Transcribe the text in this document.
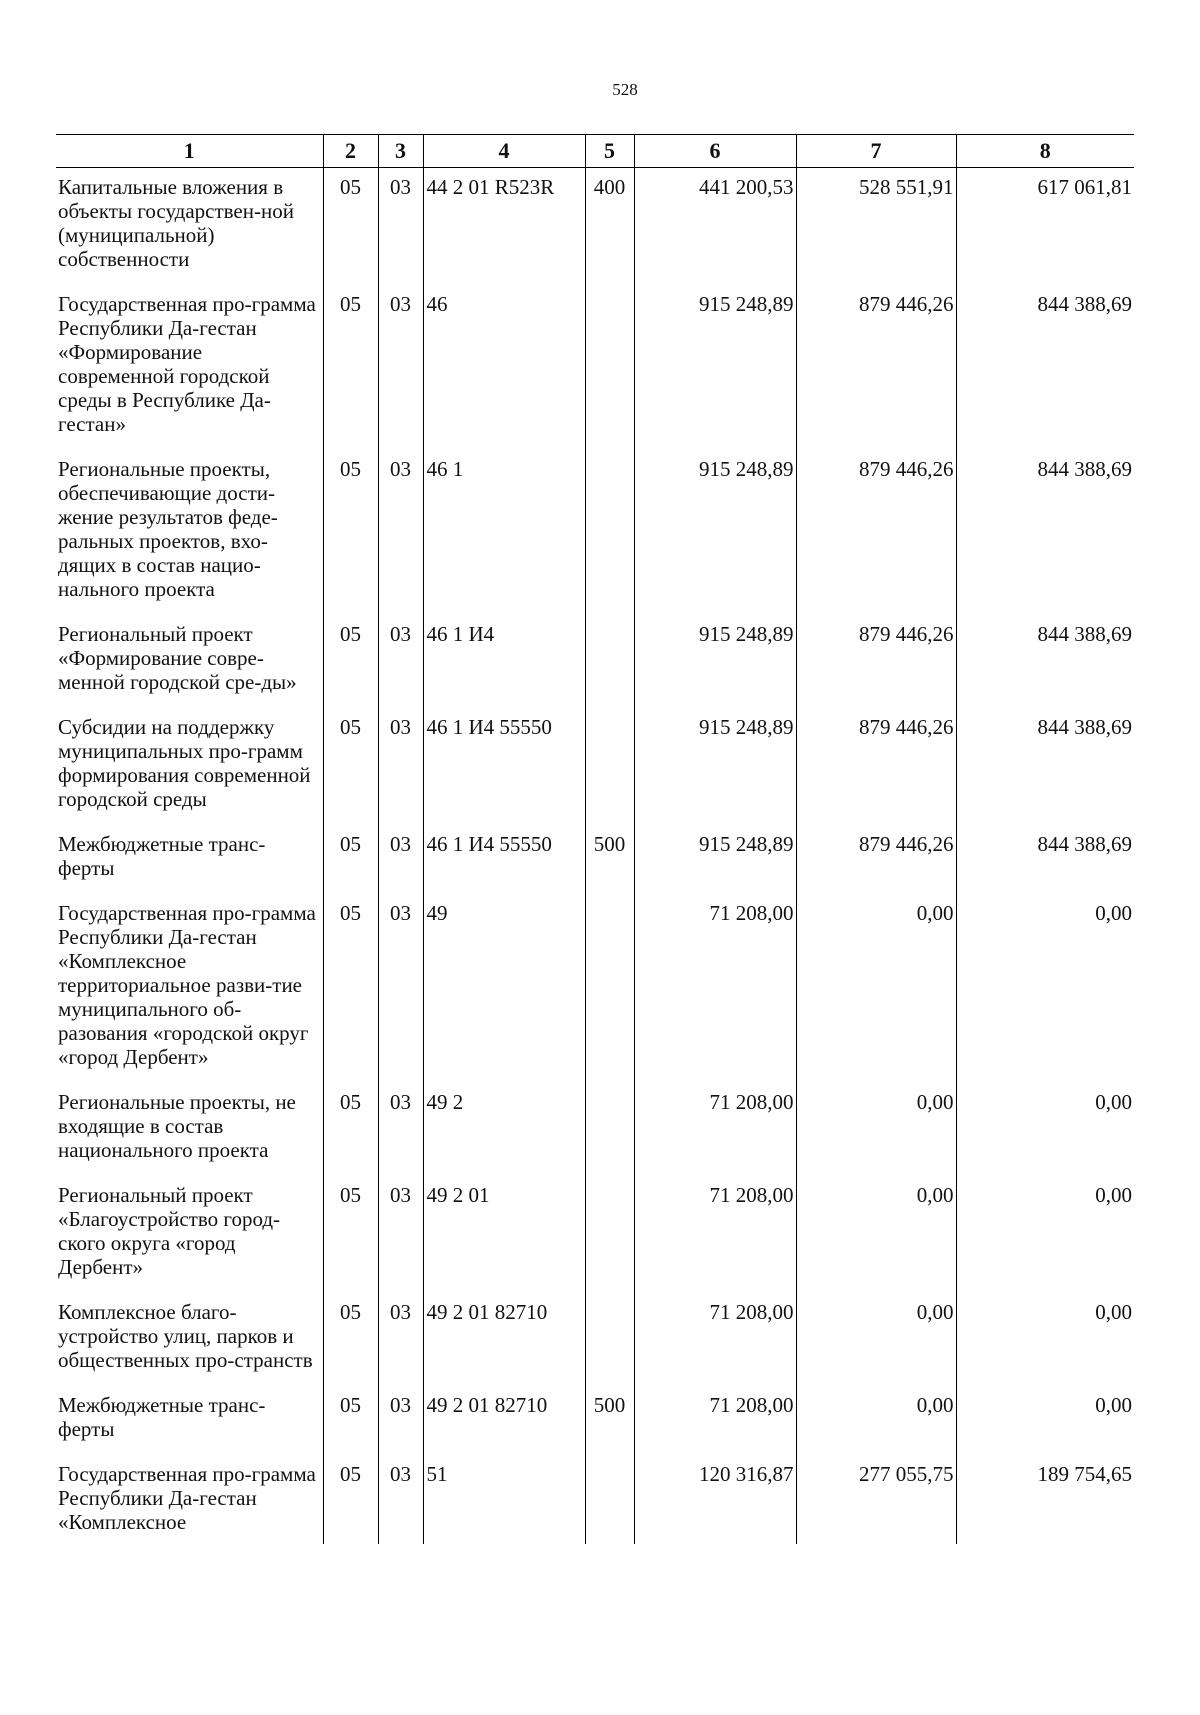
528
1	2	3	4	5	6	7	8
Капитальные вложения в объекты государствен-ной (муниципальной) собственности	05	03	44 2 01 R523R	400	441 200,53	528 551,91	617 061,81
Государственная про-грамма Республики Да-гестан «Формирование современной городской среды в Республике Да-гестан»	05	03	46		915 248,89	879 446,26	844 388,69
Региональные проекты, обеспечивающие дости-жение результатов феде-ральных проектов, вхо-дящих в состав нацио-нального проекта	05	03	46 1		915 248,89	879 446,26	844 388,69
Региональный проект «Формирование совре-менной городской сре-ды»	05	03	46 1 И4		915 248,89	879 446,26	844 388,69
Субсидии на поддержку муниципальных про-грамм формирования современной городской среды	05	03	46 1 И4 55550		915 248,89	879 446,26	844 388,69
Межбюджетные транс-ферты	05	03	46 1 И4 55550	500	915 248,89	879 446,26	844 388,69
Государственная про-грамма Республики Да-гестан «Комплексное территориальное разви-тие муниципального об-разования «городской округ «город Дербент»	05	03	49		71 208,00	0,00	0,00
Региональные проекты, не входящие в состав национального проекта	05	03	49 2		71 208,00	0,00	0,00
Региональный проект «Благоустройство город-ского округа «город Дербент»	05	03	49 2 01		71 208,00	0,00	0,00
Комплексное благо-устройство улиц, парков и общественных про-странств	05	03	49 2 01 82710		71 208,00	0,00	0,00
Межбюджетные транс-ферты	05	03	49 2 01 82710	500	71 208,00	0,00	0,00
Государственная про-грамма Республики Да-гестан «Комплексное	05	03	51		120 316,87	277 055,75	189 754,65
